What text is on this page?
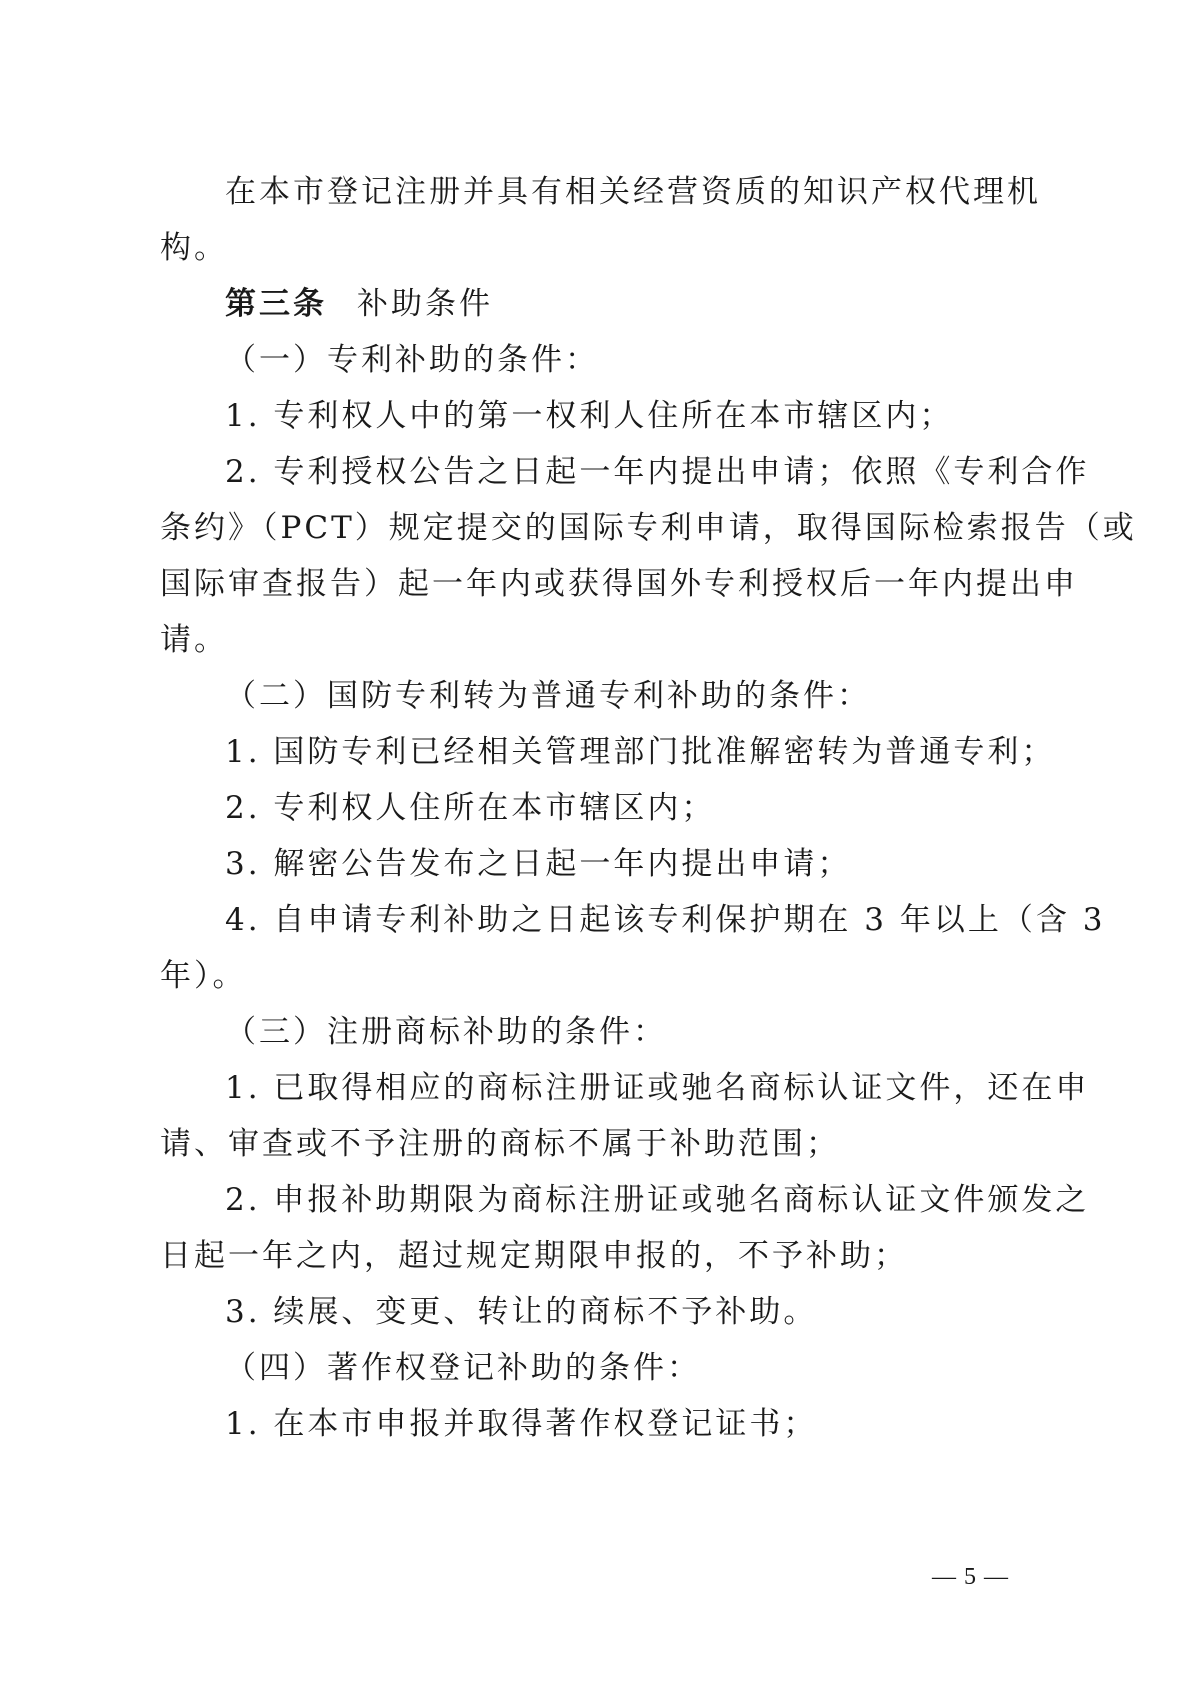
在本市登记注册并具有相关经营资质的知识产权代理机
构。
第三条 补助条件
（一）专利补助的条件：
1. 专利权人中的第一权利人住所在本市辖区内；
2. 专利授权公告之日起一年内提出申请；依照《专利合作
条约》（PCT）规定提交的国际专利申请，取得国际检索报告（或
国际审查报告）起一年内或获得国外专利授权后一年内提出申
请。
（二）国防专利转为普通专利补助的条件：
1. 国防专利已经相关管理部门批准解密转为普通专利；
2. 专利权人住所在本市辖区内；
3. 解密公告发布之日起一年内提出申请；
4. 自申请专利补助之日起该专利保护期在 3 年以上（含 3
年）。
（三）注册商标补助的条件：
1. 已取得相应的商标注册证或驰名商标认证文件，还在申
请、审查或不予注册的商标不属于补助范围；
2. 申报补助期限为商标注册证或驰名商标认证文件颁发之
日起一年之内，超过规定期限申报的，不予补助；
3. 续展、变更、转让的商标不予补助。
（四）著作权登记补助的条件：
1. 在本市申报并取得著作权登记证书；
— 5 —
